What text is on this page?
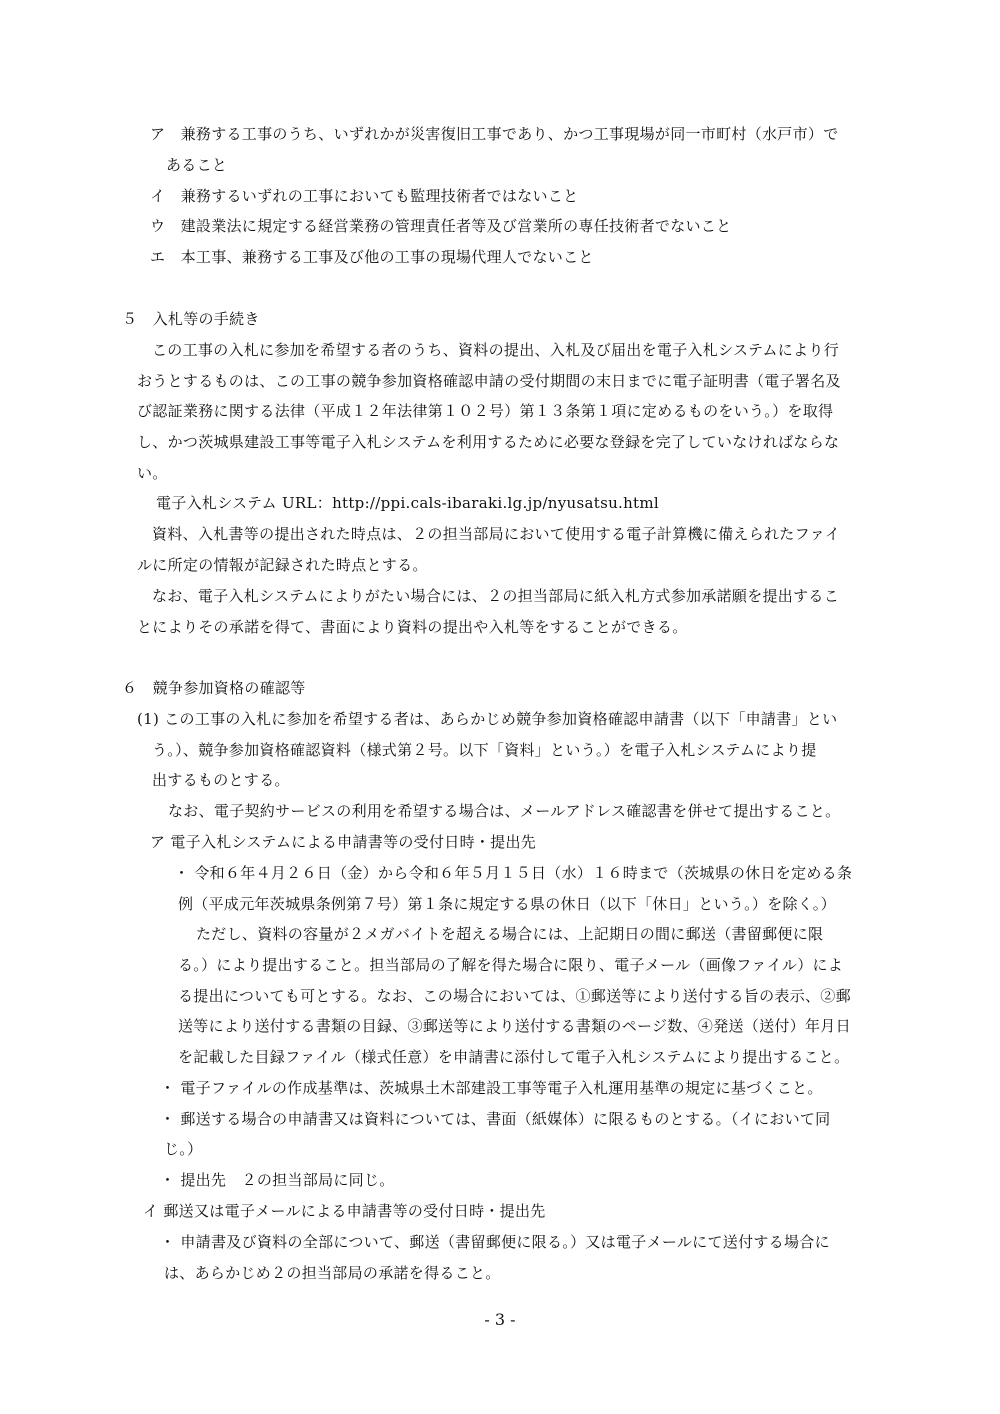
ア　兼務する工事のうち、いずれかが災害復旧工事であり、かつ工事現場が同一市町村（水戸市）で
あること
イ　兼務するいずれの工事においても監理技術者ではないこと
ウ　建設業法に規定する経営業務の管理責任者等及び営業所の専任技術者でないこと
エ　本工事、兼務する工事及び他の工事の現場代理人でないこと
５　入札等の手続き
この工事の入札に参加を希望する者のうち、資料の提出、入札及び届出を電子入札システムにより行
おうとするものは、この工事の競争参加資格確認申請の受付期間の末日までに電子証明書（電子署名及
び認証業務に関する法律（平成１２年法律第１０２号）第１３条第１項に定めるものをいう。）を取得
し、かつ茨城県建設工事等電子入札システムを利用するために必要な登録を完了していなければならな
い。
電子入札システム URL：http://ppi.cals-ibaraki.lg.jp/nyusatsu.html
資料、入札書等の提出された時点は、２の担当部局において使用する電子計算機に備えられたファイ
ルに所定の情報が記録された時点とする。
なお、電子入札システムによりがたい場合には、２の担当部局に紙入札方式参加承諾願を提出するこ
とによりその承諾を得て、書面により資料の提出や入札等をすることができる。
６　競争参加資格の確認等
(1) この工事の入札に参加を希望する者は、あらかじめ競争参加資格確認申請書（以下「申請書」とい
う。）、競争参加資格確認資料（様式第２号。以下「資料」という。）を電子入札システムにより提
出するものとする。
なお、電子契約サービスの利用を希望する場合は、メールアドレス確認書を併せて提出すること。
ア 電子入札システムによる申請書等の受付日時・提出先
・ 令和６年４月２６日（金）から令和６年５月１５日（水）１６時まで（茨城県の休日を定める条
例（平成元年茨城県条例第７号）第１条に規定する県の休日（以下「休日」という。）を除く。）
ただし、資料の容量が２メガバイトを超える場合には、上記期日の間に郵送（書留郵便に限
る。）により提出すること。担当部局の了解を得た場合に限り、電子メール（画像ファイル）によ
る提出についても可とする。なお、この場合においては、①郵送等により送付する旨の表示、②郵
送等により送付する書類の目録、③郵送等により送付する書類のページ数、④発送（送付）年月日
を記載した目録ファイル（様式任意）を申請書に添付して電子入札システムにより提出すること。
・ 電子ファイルの作成基準は、茨城県土木部建設工事等電子入札運用基準の規定に基づくこと。
・ 郵送する場合の申請書又は資料については、書面（紙媒体）に限るものとする。（イにおいて同
じ。）
・ 提出先　２の担当部局に同じ。
イ 郵送又は電子メールによる申請書等の受付日時・提出先
・ 申請書及び資料の全部について、郵送（書留郵便に限る。）又は電子メールにて送付する場合に
は、あらかじめ２の担当部局の承諾を得ること。
- 3 -
